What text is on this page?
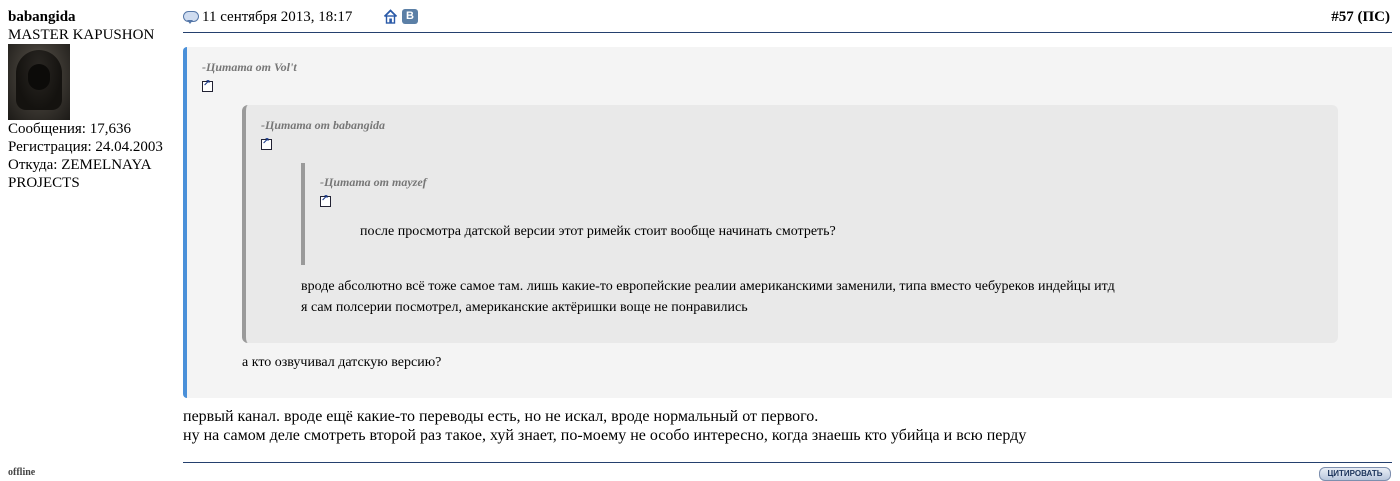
babangida
MASTER KAPUSHON
Сообщения: 17,636
Регистрация: 24.04.2003
Откуда: ZEMELNAYA
PROJECTS
offline
11 сентября 2013, 18:17	B	#57 (ПС)
-Цитата от Vol't
↗
-Цитата от babangida
↗
-Цитата от mayzef
↗
после просмотра датской версии этот римейк стоит вообще начинать смотреть?
вроде абсолютно всё тоже самое там. лишь какие-то европейские реалии американскими заменили, типа вместо чебуреков индейцы итд
я сам полсерии посмотрел, американские актёришки воще не понравились
а кто озвучивал датскую версию?
первый канал. вроде ещё какие-то переводы есть, но не искал, вроде нормальный от первого.
ну на самом деле смотреть второй раз такое, хуй знает, по-моему не особо интересно, когда знаешь кто убийца и всю перду
ЦИТИРОВАТЬ
